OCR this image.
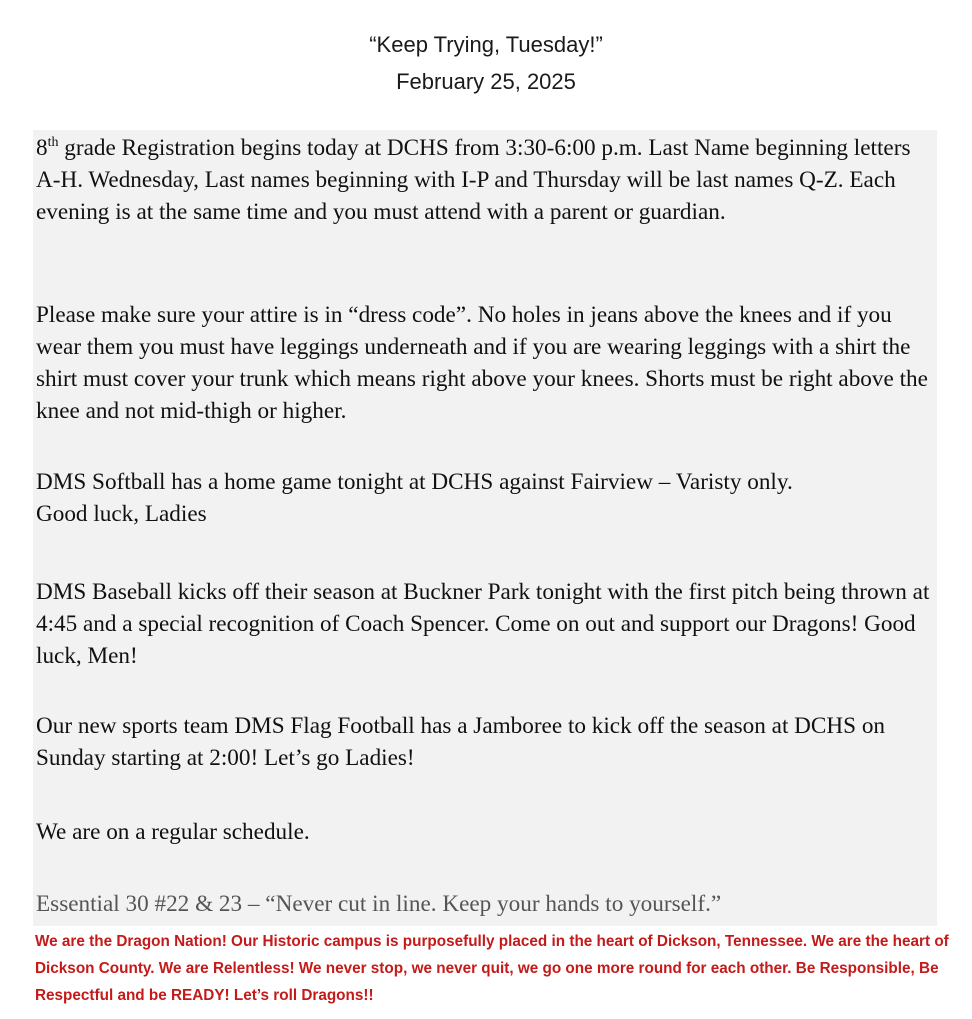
“Keep Trying, Tuesday!”
February 25, 2025

8th grade Registration begins today at DCHS from 3:30-6:00 p.m. Last Name beginning letters A-H. Wednesday, Last names beginning with I-P and Thursday will be last names Q-Z. Each evening is at the same time and you must attend with a parent or guardian.

Please make sure your attire is in “dress code”. No holes in jeans above the knees and if you wear them you must have leggings underneath and if you are wearing leggings with a shirt the shirt must cover your trunk which means right above your knees. Shorts must be right above the knee and not mid-thigh or higher.

DMS Softball has a home game tonight at DCHS against Fairview – Varisty only.
Good luck, Ladies

DMS Baseball kicks off their season at Buckner Park tonight with the first pitch being thrown at 4:45 and a special recognition of Coach Spencer. Come on out and support our Dragons! Good luck, Men!

Our new sports team DMS Flag Football has a Jamboree to kick off the season at DCHS on Sunday starting at 2:00! Let’s go Ladies!

We are on a regular schedule.

Essential 30 #22 & 23 – “Never cut in line. Keep your hands to yourself.”

We are the Dragon Nation! Our Historic campus is purposefully placed in the heart of Dickson, Tennessee. We are the heart of Dickson County. We are Relentless! We never stop, we never quit, we go one more round for each other. Be Responsible, Be Respectful and be READY! Let’s roll Dragons!!
